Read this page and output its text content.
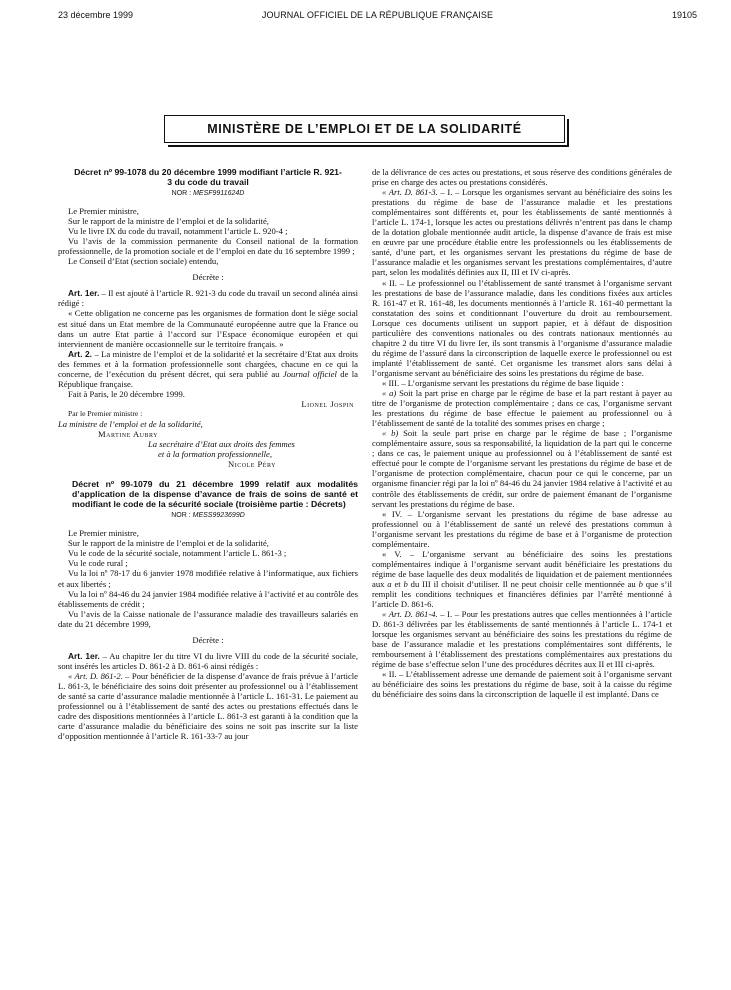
23 décembre 1999	JOURNAL OFFICIEL DE LA RÉPUBLIQUE FRANÇAISE	19105
MINISTÈRE DE L’EMPLOI ET DE LA SOLIDARITÉ
Décret nº 99-1078 du 20 décembre 1999 modifiant l’article R. 921-3 du code du travail
NOR : MESF9911624D

Le Premier ministre,

Sur le rapport de la ministre de l’emploi et de la solidarité,

Vu le livre IX du code du travail, notamment l’article L. 920-4 ;

Vu l’avis de la commission permanente du Conseil national de la formation professionnelle, de la promotion sociale et de l’emploi en date du 16 septembre 1999 ;

Le Conseil d’Etat (section sociale) entendu,

Décrète :

Art. 1er. – Il est ajouté à l’article R. 921-3 du code du travail un second alinéa ainsi rédigé :

« Cette obligation ne concerne pas les organismes de formation dont le siège social est situé dans un Etat membre de la Communauté européenne autre que la France ou dans un autre Etat partie à l’accord sur l’Espace économique européen et qui interviennent de manière occasionnelle sur le territoire français. »

Art. 2. – La ministre de l’emploi et de la solidarité et la secrétaire d’Etat aux droits des femmes et à la formation professionnelle sont chargées, chacune en ce qui la concerne, de l’exécution du présent décret, qui sera publié au Journal officiel de la République française.

Fait à Paris, le 20 décembre 1999.

Lionel Jospin

Par le Premier ministre :

La ministre de l’emploi et de la solidarité,

Martine Aubry

La secrétaire d’Etat aux droits des femmes

et à la formation professionnelle,

Nicole Péry

Décret nº 99-1079 du 21 décembre 1999 relatif aux modalités d’application de la dispense d’avance de frais de soins de santé et modifiant le code de la sécurité sociale (troisième partie : Décrets)
NOR : MESS9923699D

Le Premier ministre,

Sur le rapport de la ministre de l’emploi et de la solidarité,

Vu le code de la sécurité sociale, notamment l’article L. 861-3 ;

Vu le code rural ;

Vu la loi nº 78-17 du 6 janvier 1978 modifiée relative à l’informatique, aux fichiers et aux libertés ;

Vu la loi nº 84-46 du 24 janvier 1984 modifiée relative à l’activité et au contrôle des établissements de crédit ;

Vu l’avis de la Caisse nationale de l’assurance maladie des travailleurs salariés en date du 21 décembre 1999,

Décrète :

Art. 1er. – Au chapitre Ier du titre VI du livre VIII du code de la sécurité sociale, sont insérés les articles D. 861-2 à D. 861-6 ainsi rédigés :

« Art. D. 861-2. – Pour bénéficier de la dispense d’avance de frais prévue à l’article L. 861-3, le bénéficiaire des soins doit présenter au professionnel ou à l’établissement de santé sa carte d’assurance maladie mentionnée à l’article L. 161-31. Le paiement au professionnel ou à l’établissement de santé des actes ou prestations effectués dans le cadre des dispositions mentionnées à l’article L. 861-3 est garanti à la condition que la carte d’assurance maladie du bénéficiaire des soins ne soit pas inscrite sur la liste d’opposition mentionnée à l’article R. 161-33-7 au jour

de la délivrance de ces actes ou prestations, et sous réserve des conditions générales de prise en charge des actes ou prestations considérés.

« Art. D. 861-3. – I. – Lorsque les organismes servant au bénéficiaire des soins les prestations du régime de base de l’assurance maladie et les prestations complémentaires sont différents et, pour les établissements de santé mentionnés à l’article L. 174-1, lorsque les actes ou prestations délivrés n’entrent pas dans le champ de la dotation globale mentionnée audit article, la dispense d’avance de frais est mise en œuvre par une procédure établie entre les professionnels ou les établissements de santé, d’une part, et les organismes servant les prestations du régime de base de l’assurance maladie et les organismes servant les prestations complémentaires, d’autre part, selon les modalités définies aux II, III et IV ci-après.

« II. – Le professionnel ou l’établissement de santé transmet à l’organisme servant les prestations de base de l’assurance maladie, dans les conditions fixées aux articles R. 161-47 et R. 161-48, les documents mentionnés à l’article R. 161-40 permettant la constatation des soins et conditionnant l’ouverture du droit au remboursement. Lorsque ces documents utilisent un support papier, et à défaut de disposition particulière des conventions nationales ou des contrats nationaux mentionnés au chapitre 2 du titre VI du livre Ier, ils sont transmis à l’organisme d’assurance maladie du régime de l’assuré dans la circonscription de laquelle exerce le professionnel ou est implanté l’établissement de santé. Cet organisme les transmet alors sans délai à l’organisme servant au bénéficiaire des soins les prestations du régime de base.

« III. – L’organisme servant les prestations du régime de base liquide :

« a) Soit la part prise en charge par le régime de base et la part restant à payer au titre de l’organisme de protection complémentaire ; dans ce cas, l’organisme servant les prestations du régime de base effectue le paiement au professionnel ou à l’établissement de santé de la totalité des sommes prises en charge ;

« b) Soit la seule part prise en charge par le régime de base ; l’organisme complémentaire assure, sous sa responsabilité, la liquidation de la part qui le concerne ; dans ce cas, le paiement unique au professionnel ou à l’établissement de santé est effectué pour le compte de l’organisme servant les prestations du régime de base et de l’organisme de protection complémentaire, chacun pour ce qui le concerne, par un organisme financier régi par la loi nº 84-46 du 24 janvier 1984 relative à l’activité et au contrôle des établissements de crédit, sur ordre de paiement émanant de l’organisme servant les prestations du régime de base.

« IV. – L’organisme servant les prestations du régime de base adresse au professionnel ou à l’établissement de santé un relevé des prestations commun à l’organisme servant les prestations du régime de base et à l’organisme de protection complémentaire.

« V. – L’organisme servant au bénéficiaire des soins les prestations complémentaires indique à l’organisme servant audit bénéficiaire les prestations du régime de base laquelle des deux modalités de liquidation et de paiement mentionnées aux a et b du III il choisit d’utiliser. Il ne peut choisir celle mentionnée au b que s’il remplit les conditions techniques et financières définies par l’arrêté mentionné à l’article D. 861-6.

« Art. D. 861-4. – I. – Pour les prestations autres que celles mentionnées à l’article D. 861-3 délivrées par les établissements de santé mentionnés à l’article L. 174-1 et lorsque les organismes servant au bénéficiaire des soins les prestations du régime de base de l’assurance maladie et les prestations complémentaires sont différents, le remboursement à l’établissement des prestations complémentaires aux prestations du régime de base s’effectue selon l’une des procédures décrites aux II et III ci-après.

« II. – L’établissement adresse une demande de paiement soit à l’organisme servant au bénéficiaire des soins les prestations du régime de base, soit à la caisse du régime du bénéficiaire des soins dans la circonscription de laquelle il est implanté. Dans ce
